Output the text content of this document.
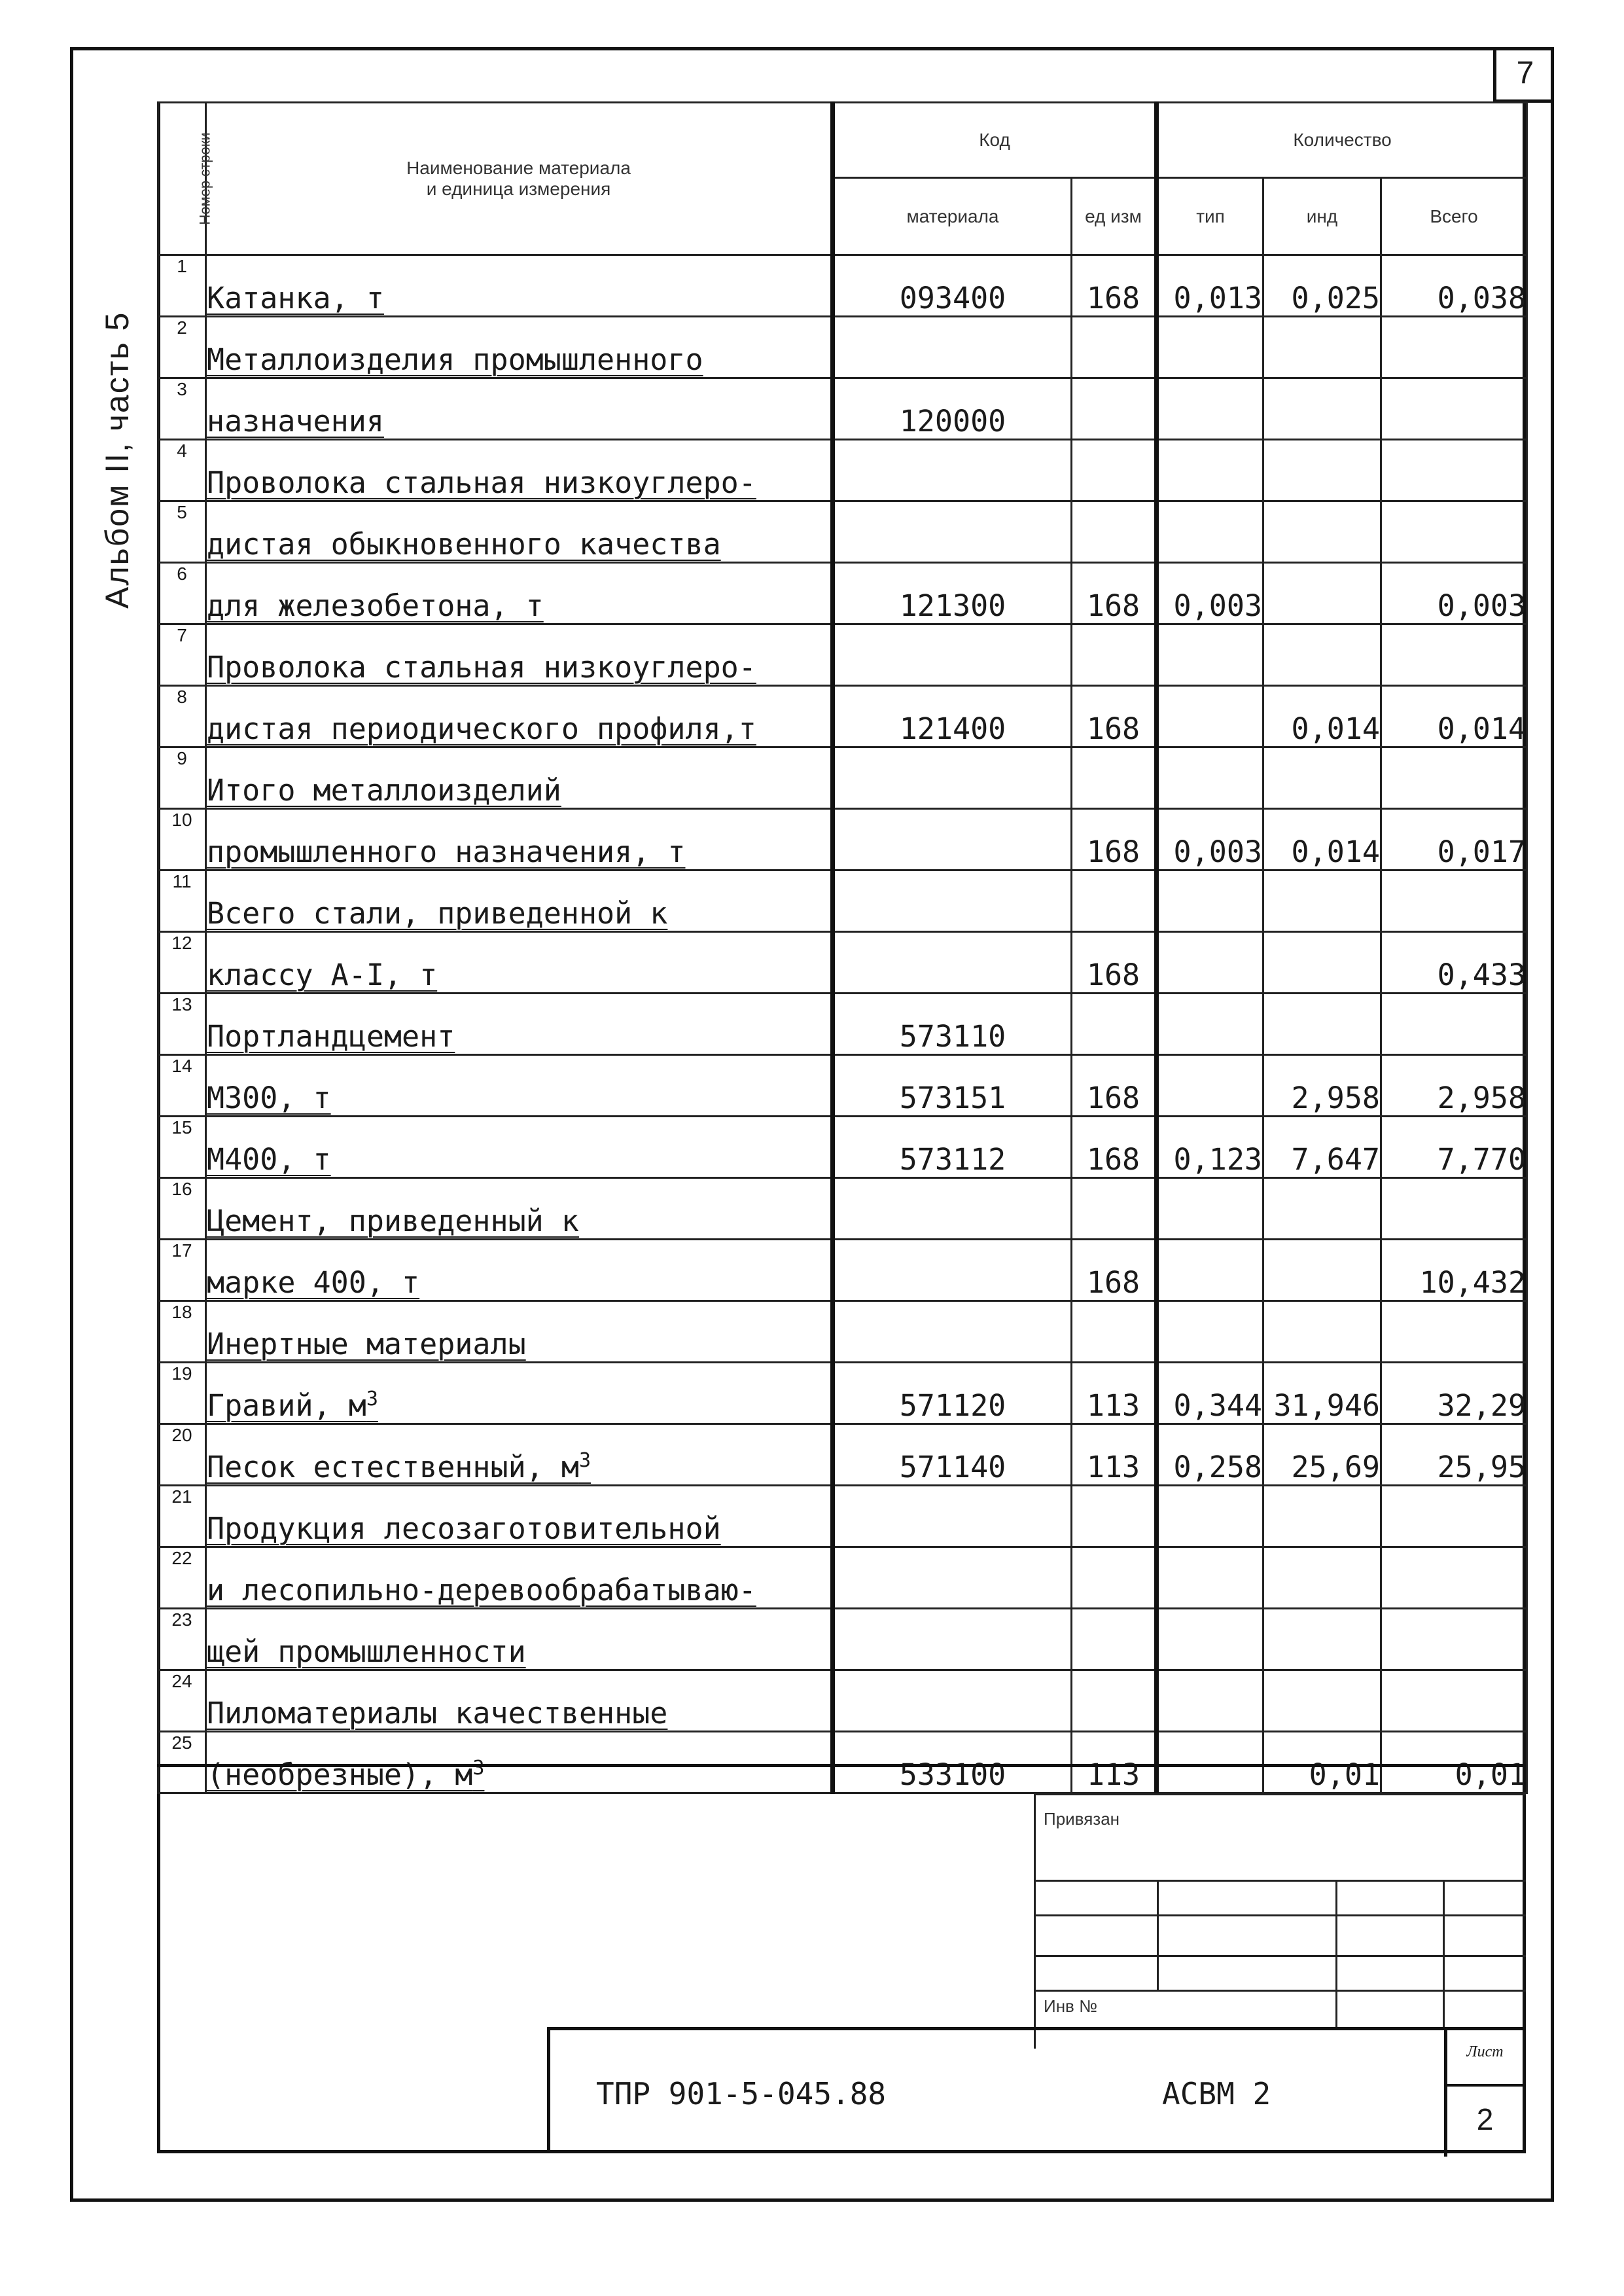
7
Альбом II, часть 5
Номер строки	Наименование материала
и единица измерения	Код		Количество		
		материала	ед изм	тип	инд	Всего
1	Катанка, т	093400	168	0,013	0,025	0,038
2	Металлоизделия промышленного					
3	назначения	120000				
4	Проволока стальная низкоуглеро-					
5	дистая обыкновенного качества					
6	для железобетона, т	121300	168	0,003		0,003
7	Проволока стальная низкоуглеро-					
8	дистая периодического профиля,т	121400	168		0,014	0,014
9	Итого металлоизделий					
10	промышленного назначения, т		168	0,003	0,014	0,017
11	Всего стали, приведенной к					
12	классу А-I, т		168			0,433
13	Портландцемент	573110				
14	М300, т	573151	168		2,958	2,958
15	М400, т	573112	168	0,123	7,647	7,770
16	Цемент, приведенный к					
17	марке 400, т		168			10,432
18	Инертные материалы					
19	Гравий, $м^3$	571120	113	0,344	31,946	32,29
20	Песок естественный, $м^3$	571140	113	0,258	25,69	25,95
21	Продукция лесозаготовительной					
22	и лесопильно-деревообрабатываю-					
23	щей промышленности					
24	Пиломатериалы качественные					
25	(необрезные), $м^3$	533100	113		0,01	0,01
Привязан
Инв №
ТПР 901-5-045.88	АСВМ 2
Лист
2
